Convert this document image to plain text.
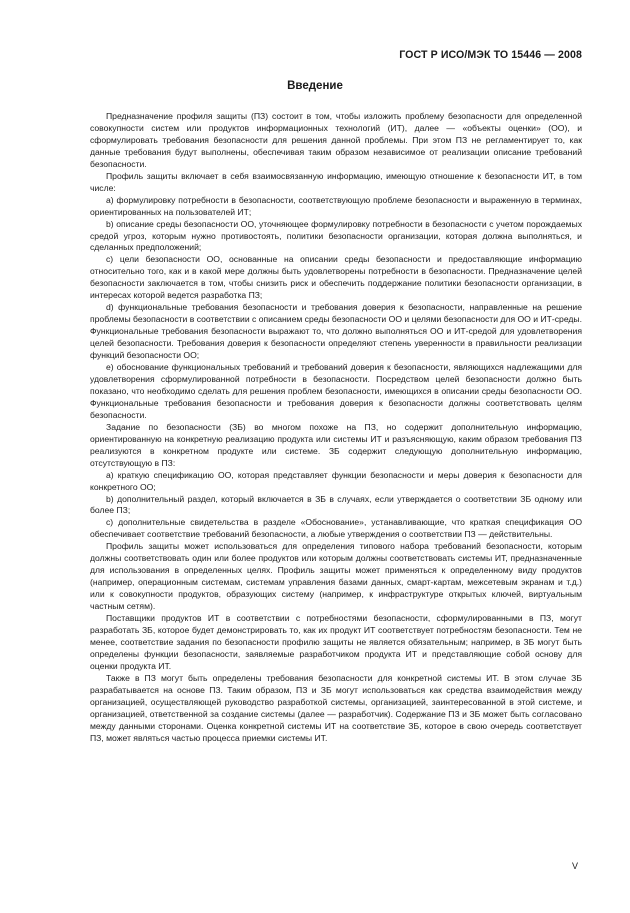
ГОСТ Р ИСО/МЭК ТО 15446 — 2008
Введение

Предназначение профиля защиты (ПЗ) состоит в том, чтобы изложить проблему безопасности для определенной совокупности систем или продуктов информационных технологий (ИТ), далее — «объекты оценки» (ОО), и сформулировать требования безопасности для решения данной проблемы. При этом ПЗ не регламентирует то, как данные требования будут выполнены, обеспечивая таким образом независимое от реализации описание требований безопасности.

Профиль защиты включает в себя взаимосвязанную информацию, имеющую отношение к безопасности ИТ, в том числе:

а) формулировку потребности в безопасности, соответствующую проблеме безопасности и выраженную в терминах, ориентированных на пользователей ИТ;

b) описание среды безопасности ОО, уточняющее формулировку потребности в безопасности с учетом порождаемых средой угроз, которым нужно противостоять, политики безопасности организации, которая должна выполняться, и сделанных предположений;

c) цели безопасности ОО, основанные на описании среды безопасности и предоставляющие информацию относительно того, как и в какой мере должны быть удовлетворены потребности в безопасности. Предназначение целей безопасности заключается в том, чтобы снизить риск и обеспечить поддержание политики безопасности организации, в интересах которой ведется разработка ПЗ;

d) функциональные требования безопасности и требования доверия к безопасности, направленные на решение проблемы безопасности в соответствии с описанием среды безопасности ОО и целями безопасности для ОО и ИТ-среды. Функциональные требования безопасности выражают то, что должно выполняться ОО и ИТ-средой для удовлетворения целей безопасности. Требования доверия к безопасности определяют степень уверенности в правильности реализации функций безопасности ОО;

e) обоснование функциональных требований и требований доверия к безопасности, являющихся надлежащими для удовлетворения сформулированной потребности в безопасности. Посредством целей безопасности должно быть показано, что необходимо сделать для решения проблем безопасности, имеющихся в описании среды безопасности ОО. Функциональные требования безопасности и требования доверия к безопасности должны соответствовать целям безопасности.

Задание по безопасности (ЗБ) во многом похоже на ПЗ, но содержит дополнительную информацию, ориентированную на конкретную реализацию продукта или системы ИТ и разъясняющую, каким образом требования ПЗ реализуются в конкретном продукте или системе. ЗБ содержит следующую дополнительную информацию, отсутствующую в ПЗ:

а) краткую спецификацию ОО, которая представляет функции безопасности и меры доверия к безопасности для конкретного ОО;

b) дополнительный раздел, который включается в ЗБ в случаях, если утверждается о соответствии ЗБ одному или более ПЗ;

c) дополнительные свидетельства в разделе «Обоснование», устанавливающие, что краткая спецификация ОО обеспечивает соответствие требований безопасности, а любые утверждения о соответствии ПЗ — действительны.

Профиль защиты может использоваться для определения типового набора требований безопасности, которым должны соответствовать один или более продуктов или которым должны соответствовать системы ИТ, предназначенные для использования в определенных целях. Профиль защиты может применяться к определенному виду продуктов (например, операционным системам, системам управления базами данных, смарт-картам, межсетевым экранам и т.д.) или к совокупности продуктов, образующих систему (например, к инфраструктуре открытых ключей, виртуальным частным сетям).

Поставщики продуктов ИТ в соответствии с потребностями безопасности, сформулированными в ПЗ, могут разработать ЗБ, которое будет демонстрировать то, как их продукт ИТ соответствует потребностям безопасности. Тем не менее, соответствие задания по безопасности профилю защиты не является обязательным; например, в ЗБ могут быть определены функции безопасности, заявляемые разработчиком продукта ИТ и представляющие собой основу для оценки продукта ИТ.

Также в ПЗ могут быть определены требования безопасности для конкретной системы ИТ. В этом случае ЗБ разрабатывается на основе ПЗ. Таким образом, ПЗ и ЗБ могут использоваться как средства взаимодействия между организацией, осуществляющей руководство разработкой системы, организацией, заинтересованной в этой системе, и организацией, ответственной за создание системы (далее — разработчик). Содержание ПЗ и ЗБ может быть согласовано между данными сторонами. Оценка конкретной системы ИТ на соответствие ЗБ, которое в свою очередь соответствует ПЗ, может являться частью процесса приемки системы ИТ.

V
